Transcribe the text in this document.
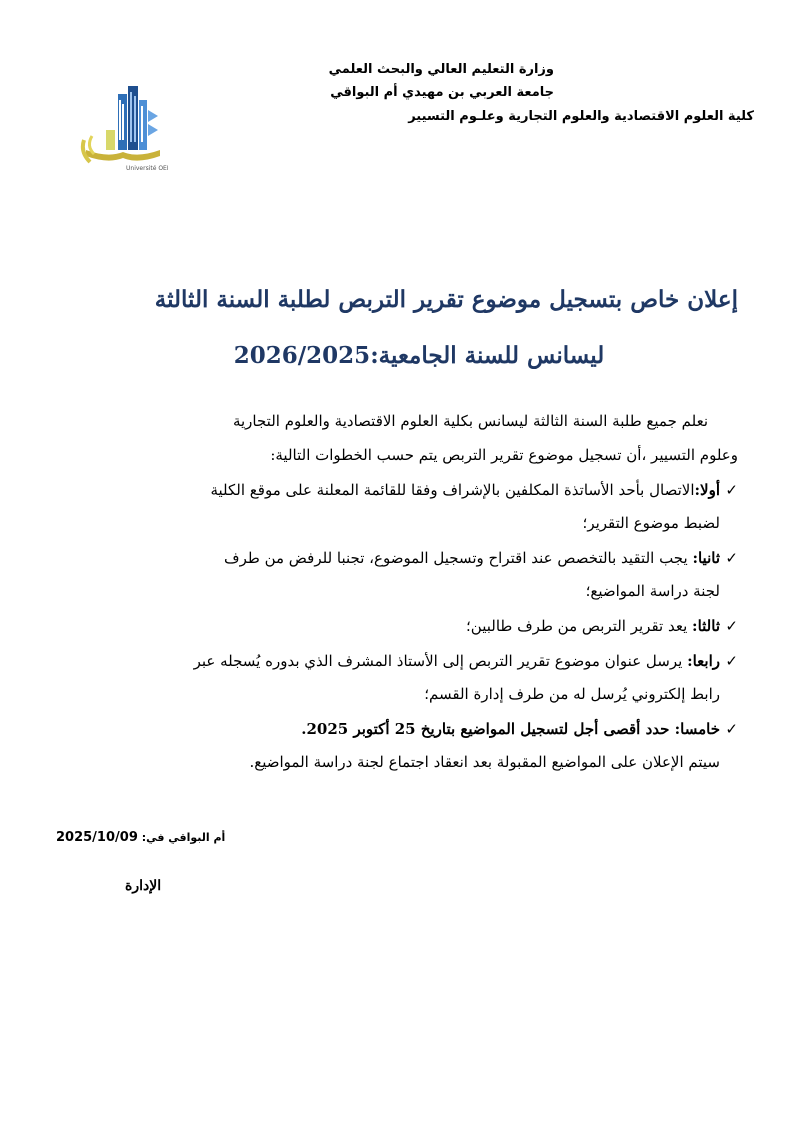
وزارة التعليم العالي والبحث العلمي
جامعة العربي بن مهيدي أم البواقي
كلية العلوم الاقتصادية والعلوم التجارية وعلـوم التسيير
Université OEB
إعلان خاص بتسجيل موضوع تقرير التربص لطلبة السنة الثالثة
ليسانس للسنة الجامعية:2026/2025
نعلم جميع طلبة السنة الثالثة ليسانس بكلية العلوم الاقتصادية والعلوم التجارية
وعلوم التسيير ،أن تسجيل موضوع تقرير التربص يتم حسب الخطوات التالية:
✓
أولا:الاتصال بأحد الأساتذة المكلفين بالإشراف وفقا للقائمة المعلنة على موقع الكلية
لضبط موضوع التقرير؛
✓
ثانيا: يجب التقيد بالتخصص عند اقتراح وتسجيل الموضوع، تجنبا للرفض من طرف
لجنة دراسة المواضيع؛
✓
ثالثا: يعد تقرير التربص من طرف طالبين؛
✓
رابعا: يرسل عنوان موضوع تقرير التربص إلى الأستاذ المشرف الذي بدوره يُسجله عبر
رابط إلكتروني يُرسل له من طرف إدارة القسم؛
✓
خامسا: حدد أقصى أجل لتسجيل المواضيع بتاريخ 25 أكتوبر 2025.
سيتم الإعلان على المواضيع المقبولة بعد انعقاد اجتماع لجنة دراسة المواضيع.
أم البواقي في: 2025/10/09
الإدارة
